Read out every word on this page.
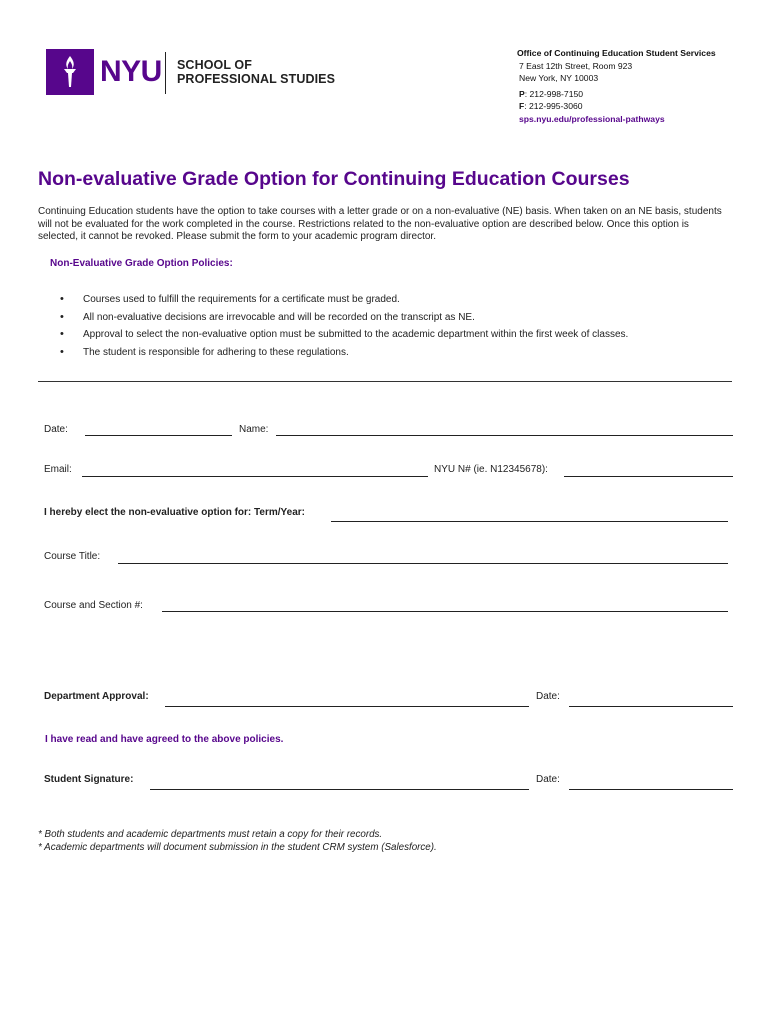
NYU SCHOOL OF
PROFESSIONAL STUDIES
Office of Continuing Education Student Services
7 East 12th Street, Room 923
New York, NY 10003
P: 212-998-7150
F: 212-995-3060
sps.nyu.edu/professional-pathways
Non-evaluative Grade Option for Continuing Education Courses
Continuing Education students have the option to take courses with a letter grade or on a non-evaluative (NE) basis. When taken on an NE basis, students will not be evaluated for the work completed in the course. Restrictions related to the non-evaluative option are described below. Once this option is selected, it cannot be revoked. Please submit the form to your academic program director.
Non-Evaluative Grade Option Policies:
• Courses used to fulfill the requirements for a certificate must be graded.
• All non-evaluative decisions are irrevocable and will be recorded on the transcript as NE.
• Approval to select the non-evaluative option must be submitted to the academic department within the first week of classes.
• The student is responsible for adhering to these regulations.
Date:	Name:
Email:	NYU N# (ie. N12345678):
I hereby elect the non-evaluative option for: Term/Year:
Course Title:
Course and Section #:
Department Approval:	Date:
I have read and have agreed to the above policies.
Student Signature:	Date:
* Both students and academic departments must retain a copy for their records.
* Academic departments will document submission in the student CRM system (Salesforce).
